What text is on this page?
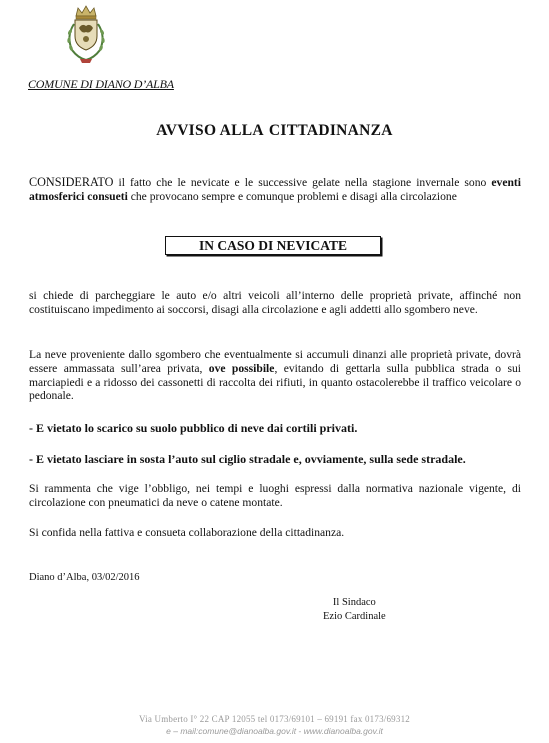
COMUNE DI DIANO D’ALBA
AVVISO ALLA CITTADINANZA
CONSIDERATO il fatto che le nevicate e le successive gelate nella stagione invernale sono eventi atmosferici consueti che provocano sempre e comunque problemi e disagi alla circolazione
IN CASO DI NEVICATE
si chiede di parcheggiare le auto e/o altri veicoli all’interno delle proprietà private, affinché non costituiscano impedimento ai soccorsi, disagi alla circolazione e agli addetti allo sgombero neve.
La neve proveniente dallo sgombero che eventualmente si accumuli dinanzi alle proprietà private, dovrà essere ammassata sull’area privata, ove possibile, evitando di gettarla sulla pubblica strada o sui marciapiedi e a ridosso dei cassonetti di raccolta dei rifiuti, in quanto ostacolerebbe il traffico veicolare o pedonale.
- E vietato lo scarico su suolo pubblico di neve dai cortili privati.
- E vietato lasciare in sosta l’auto sul ciglio stradale e, ovviamente, sulla sede stradale.
Si rammenta che vige l’obbligo, nei tempi e luoghi espressi dalla normativa nazionale vigente, di circolazione con pneumatici da neve o catene montate.
Si confida nella fattiva e consueta collaborazione della cittadinanza.
Diano d’Alba, 03/02/2016
Il Sindaco
Ezio Cardinale
Via Umberto I° 22 CAP 12055 tel 0173/69101 – 69191 fax 0173/69312
e – mail:comune@dianoalba.gov.it - www.dianoalba.gov.it
